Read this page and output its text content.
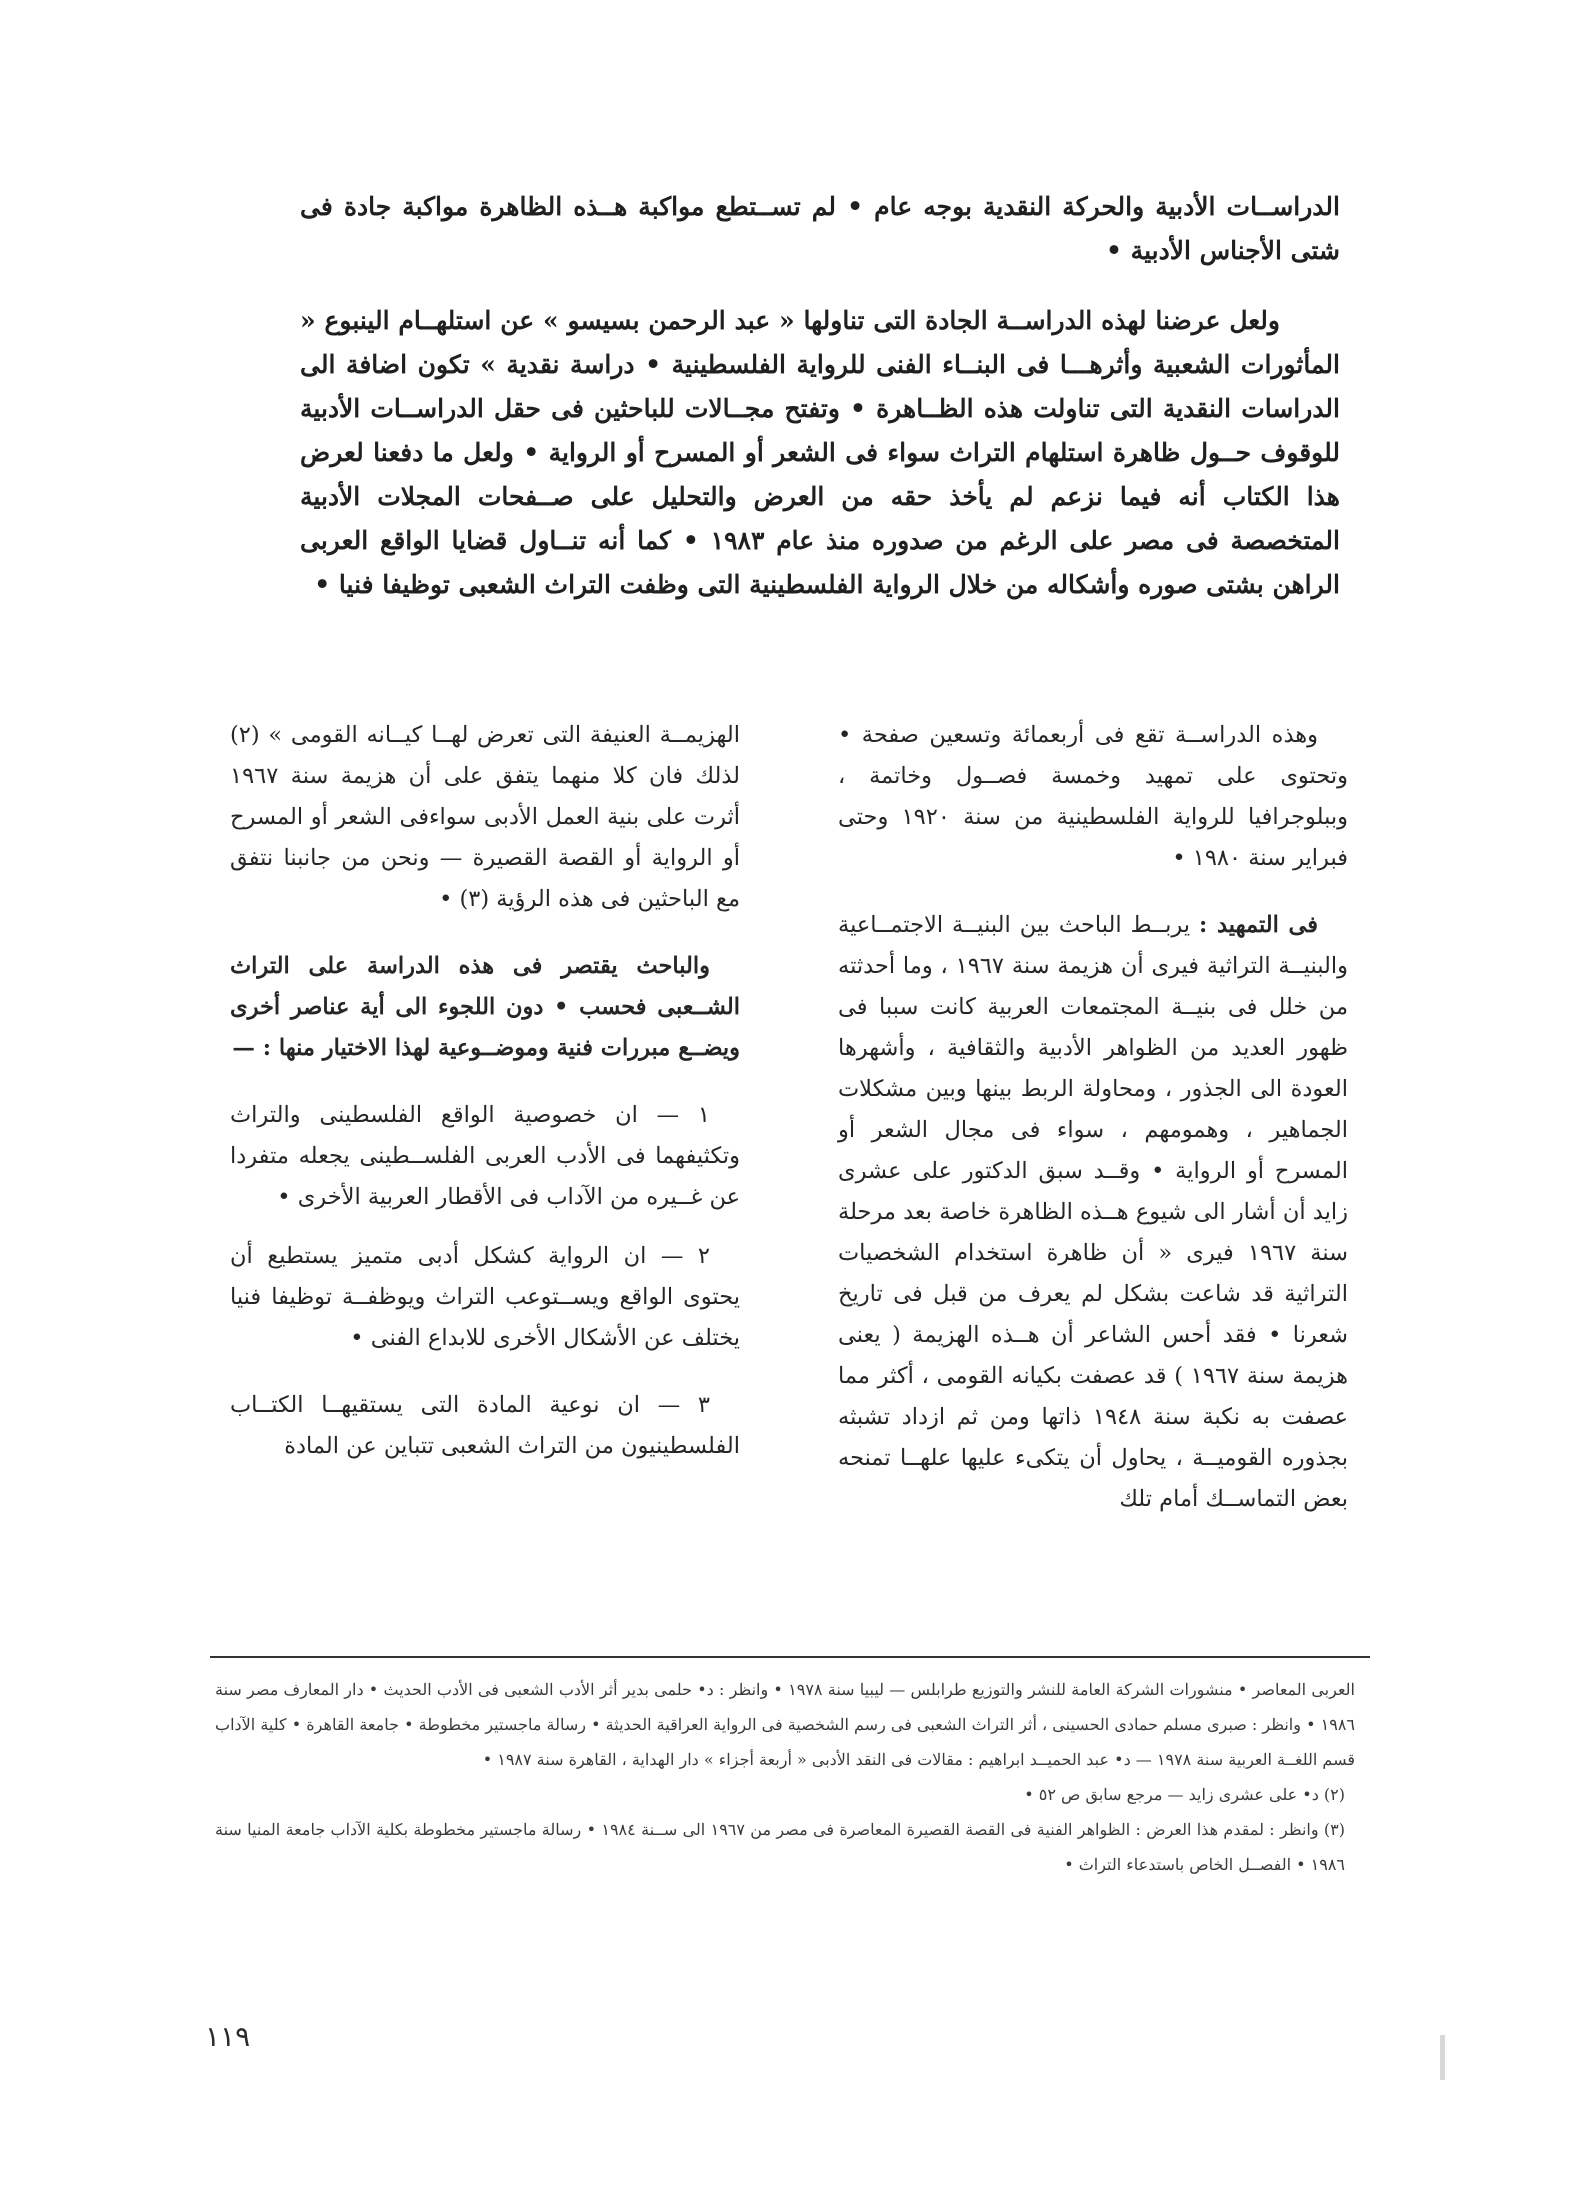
الدراســات الأدبية والحركة النقدية بوجه عام • لم تســتطع مواكبة هــذه الظاهرة مواكبة جادة فى شتى الأجناس الأدبية •

ولعل عرضنا لهذه الدراســة الجادة التى تناولها « عبد الرحمن بسيسو » عن استلهــام الينبوع « المأثورات الشعبية وأثرهـــا فى البنــاء الفنى للرواية الفلسطينية • دراسة نقدية » تكون اضافة الى الدراسات النقدية التى تناولت هذه الظــاهرة • وتفتح مجــالات للباحثين فى حقل الدراســات الأدبية للوقوف حــول ظاهرة استلهام التراث سواء فى الشعر أو المسرح أو الرواية • ولعل ما دفعنا لعرض هذا الكتاب أنه فيما نزعم لم يأخذ حقه من العرض والتحليل على صــفحات المجلات الأدبية المتخصصة فى مصر على الرغم من صدوره منذ عام ١٩٨٣ • كما أنه تنــاول قضايا الواقع العربى الراهن بشتى صوره وأشكاله من خلال الرواية الفلسطينية التى وظفت التراث الشعبى توظيفا فنيا •

وهذه الدراســة تقع فى أربعمائة وتسعين صفحة • وتحتوى على تمهيد وخمسة فصــول وخاتمة ، وببلوجرافيا للرواية الفلسطينية من سنة ١٩٢٠ وحتى فبراير سنة ١٩٨٠ •

فى التمهيد : يربــط الباحث بين البنيــة الاجتمــاعية والبنيــة التراثية فيرى أن هزيمة سنة ١٩٦٧ ، وما أحدثته من خلل فى بنيــة المجتمعات العربية كانت سببا فى ظهور العديد من الظواهر الأدبية والثقافية ، وأشهرها العودة الى الجذور ، ومحاولة الربط بينها وبين مشكلات الجماهير ، وهمومهم ، سواء فى مجال الشعر أو المسرح أو الرواية • وقــد سبق الدكتور على عشرى زايد أن أشار الى شيوع هــذه الظاهرة خاصة بعد مرحلة سنة ١٩٦٧ فيرى « أن ظاهرة استخدام الشخصيات التراثية قد شاعت بشكل لم يعرف من قبل فى تاريخ شعرنا • فقد أحس الشاعر أن هــذه الهزيمة ( يعنى هزيمة سنة ١٩٦٧ ) قد عصفت بكيانه القومى ، أكثر مما عصفت به نكبة سنة ١٩٤٨ ذاتها ومن ثم ازداد تشبثه بجذوره القوميــة ، يحاول أن يتكىء عليها علهــا تمنحه بعض التماســك أمام تلك

الهزيمــة العنيفة التى تعرض لهــا كيــانه القومى » (٢) لذلك فان كلا منهما يتفق على أن هزيمة سنة ١٩٦٧ أثرت على بنية العمل الأدبى سواءفى الشعر أو المسرح أو الرواية أو القصة القصيرة — ونحن من جانبنا نتفق مع الباحثين فى هذه الرؤية (٣) •

والباحث يقتصر فى هذه الدراسة على التراث الشــعبى فحسب • دون اللجوء الى أية عناصر أخرى ويضــع مبررات فنية وموضــوعية لهذا الاختيار منها : —

١ — ان خصوصية الواقع الفلسطينى والتراث وتكثيفهما فى الأدب العربى الفلســطينى يجعله متفردا عن غــيره من الآداب فى الأقطار العربية الأخرى •

٢ — ان الرواية كشكل أدبى متميز يستطيع أن يحتوى الواقع ويســتوعب التراث ويوظفــة توظيفا فنيا يختلف عن الأشكال الأخرى للابداع الفنى •

٣ — ان نوعية المادة التى يستقيهــا الكتــاب الفلسطينيون من التراث الشعبى تتباين عن المادة

العربى المعاصر • منشورات الشركة العامة للنشر والتوزيع طرابلس — ليبيا سنة ١٩٧٨ • وانظر : د• حلمى بدير أثر الأدب الشعبى فى الأدب الحديث • دار المعارف مصر سنة ١٩٨٦ • وانظر : صبرى مسلم حمادى الحسينى ، أثر التراث الشعبى فى رسم الشخصية فى الرواية العراقية الحديثة • رسالة ماجستير مخطوطة • جامعة القاهرة • كلية الآداب قسم اللغــة العربية سنة ١٩٧٨ — د• عبد الحميــد ابراهيم : مقالات فى النقد الأدبى « أربعة أجزاء » دار الهداية ، القاهرة سنة ١٩٨٧ •

(٢) د• على عشرى زايد — مرجع سابق ص ٥٢ •

(٣) وانظر : لمقدم هذا العرض : الظواهر الفنية فى القصة القصيرة المعاصرة فى مصر من ١٩٦٧ الى ســنة ١٩٨٤ • رسالة ماجستير مخطوطة بكلية الآداب جامعة المنيا سنة ١٩٨٦ • الفصــل الخاص باستدعاء التراث •

١١٩
